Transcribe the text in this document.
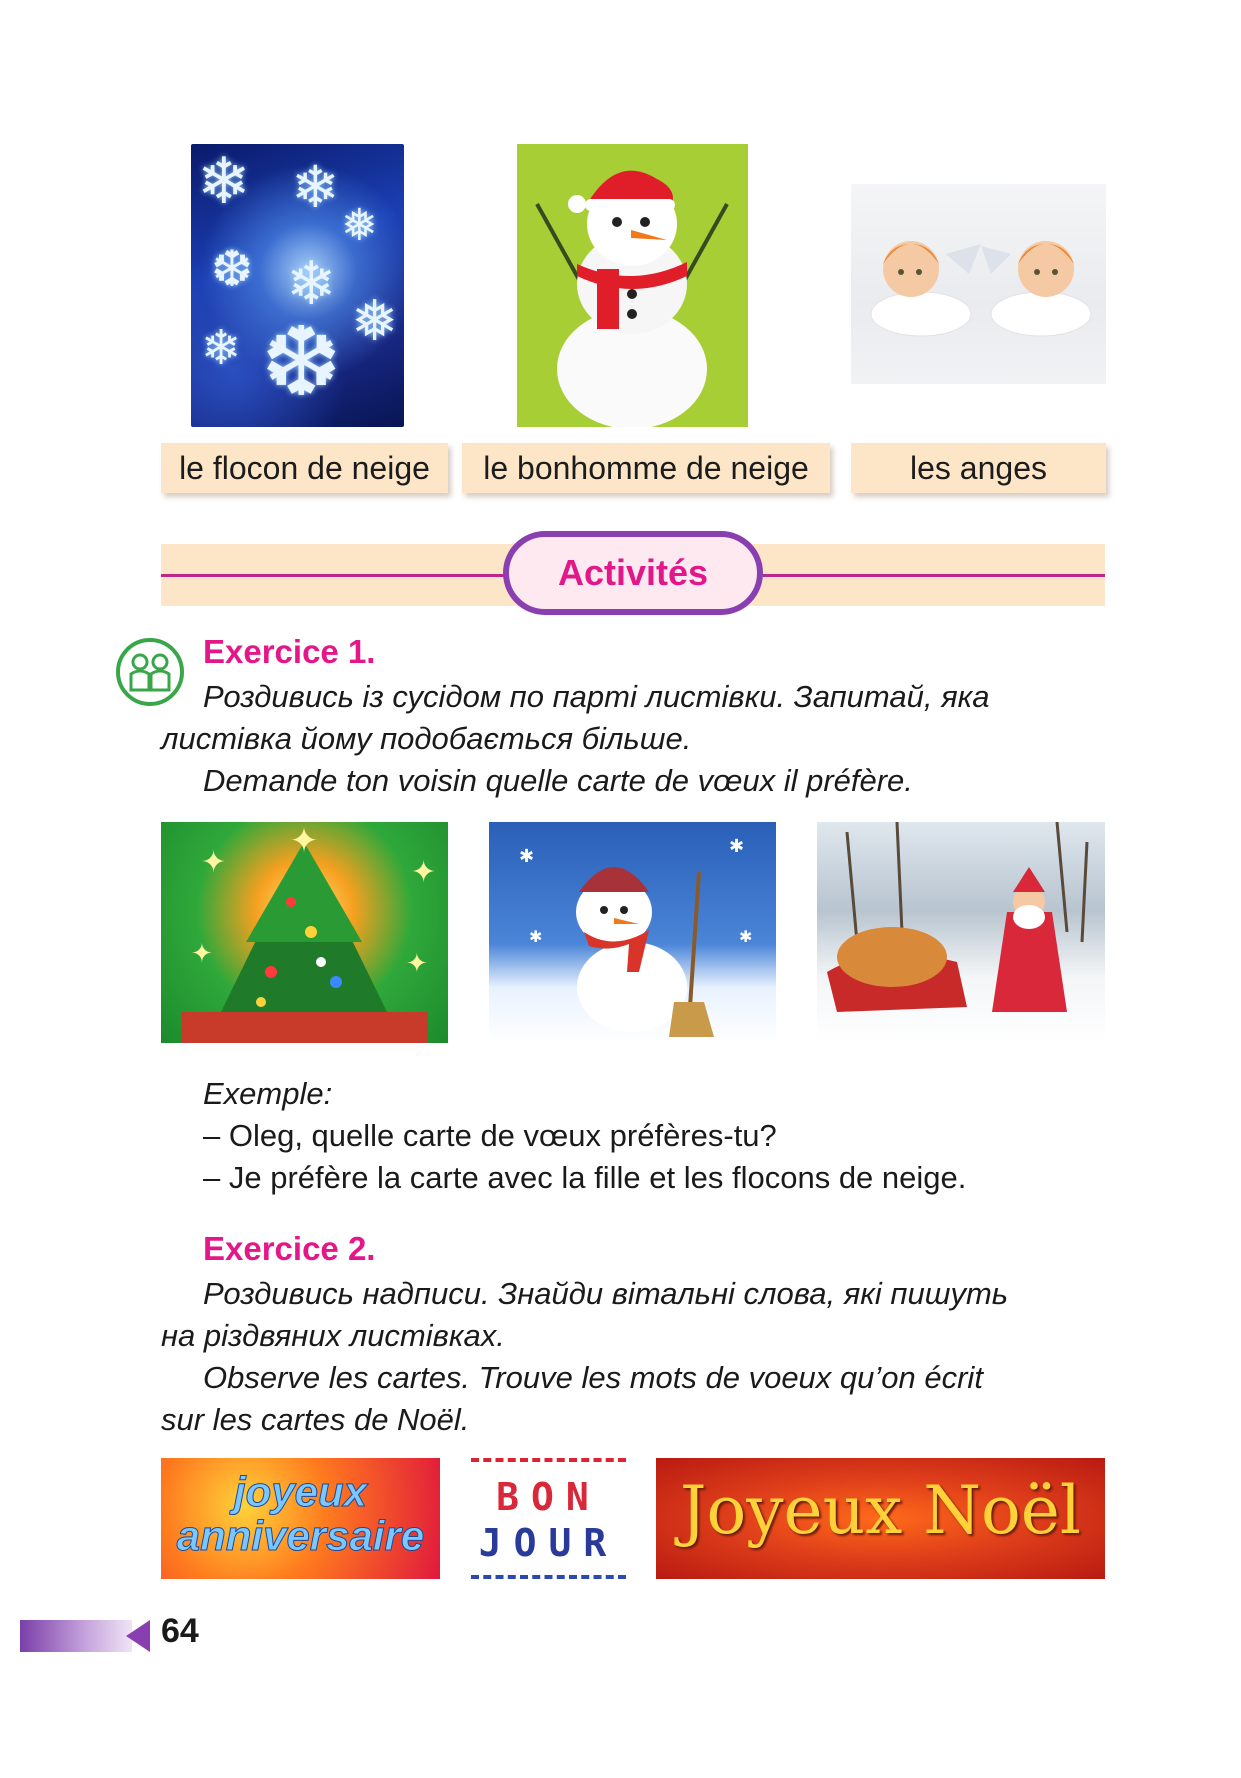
❄ ❄
❅
❆ ❄
❅
❄ ❆
le flocon de neige	le bonhomme de neige	les anges
Activités
Exercice 1.
Роздивись із сусідом по парті листівки. Запитай, яка
листівка йому подобається більше.
Demande ton voisin quelle carte de vœux il préfère.
✦
✦	✦
✦	✦
✱	✱
✱	✱
Exemple:
– Oleg, quelle carte de vœux préfères-tu?
– Je préfère la carte avec la fille et les flocons de neige.
Exercice 2.
Роздивись надписи. Знайди вітальні слова, які пишуть
на різдвяних листівках.
Observe les cartes. Trouve les mots de voeux qu’on écrit
sur les cartes de Noël.
joyeux
anniversaire
BON
JOUR Joyeux Noël
64
